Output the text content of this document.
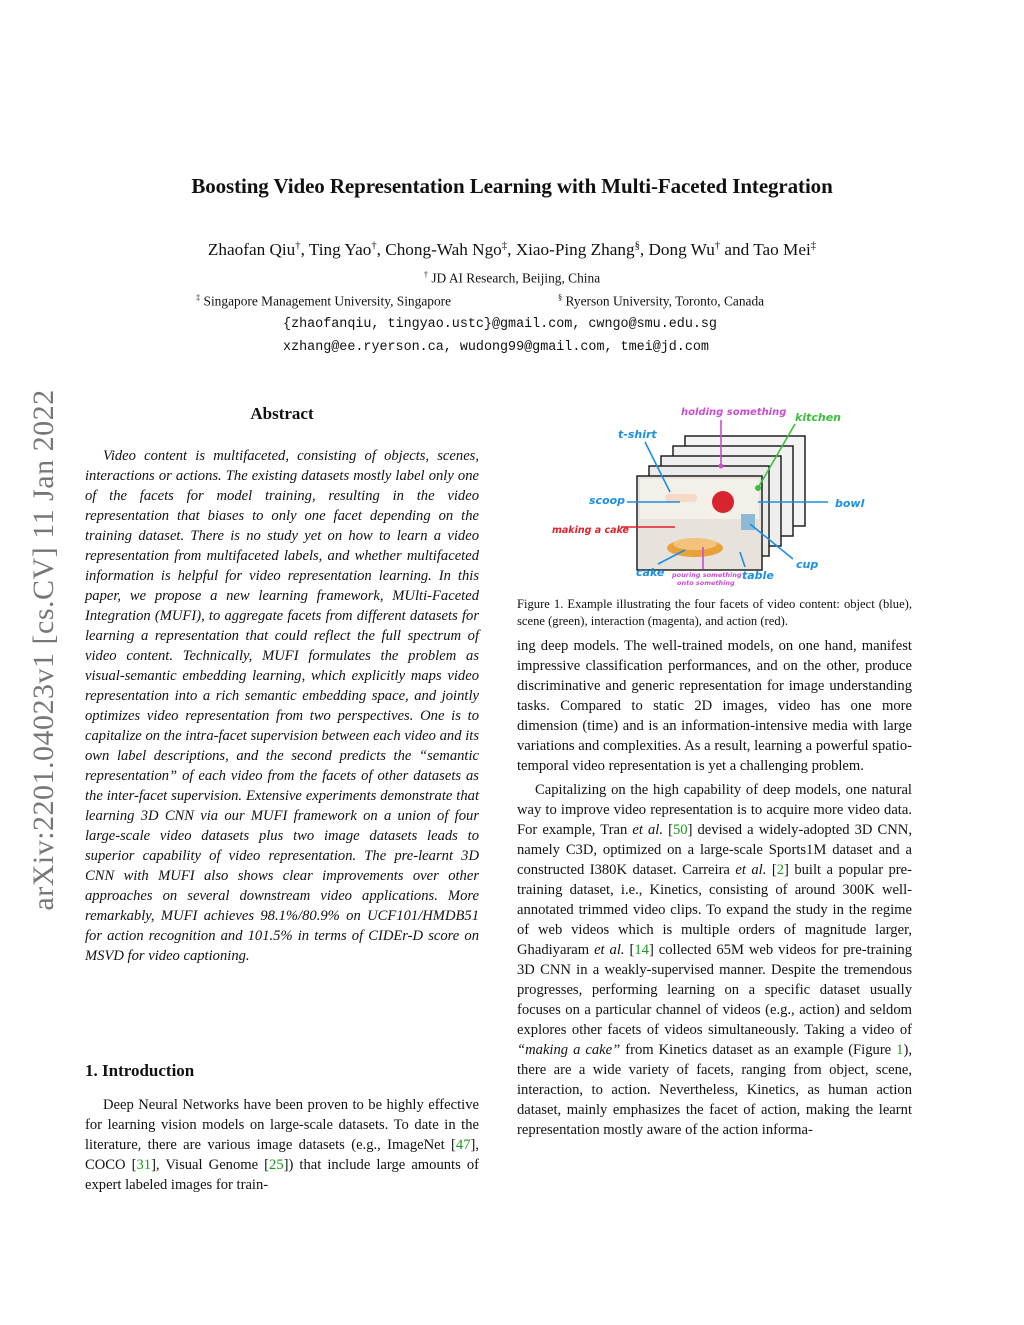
arXiv:2201.04023v1 [cs.CV] 11 Jan 2022
Boosting Video Representation Learning with Multi-Faceted Integration
Zhaofan Qiu†, Ting Yao†, Chong-Wah Ngo‡, Xiao-Ping Zhang§, Dong Wu† and Tao Mei‡
† JD AI Research, Beijing, China
‡ Singapore Management University, Singapore	§ Ryerson University, Toronto, Canada
{zhaofanqiu, tingyao.ustc}@gmail.com, cwngo@smu.edu.sg
xzhang@ee.ryerson.ca, wudong99@gmail.com, tmei@jd.com
Abstract

Video content is multifaceted, consisting of objects, scenes, interactions or actions. The existing datasets mostly label only one of the facets for model training, resulting in the video representation that biases to only one facet depending on the training dataset. There is no study yet on how to learn a video representation from multifaceted labels, and whether multifaceted information is helpful for video representation learning. In this paper, we propose a new learning framework, MUlti-Faceted Integration (MUFI), to aggregate facets from different datasets for learning a representation that could reflect the full spectrum of video content. Technically, MUFI formulates the problem as visual-semantic embedding learning, which explicitly maps video representation into a rich semantic embedding space, and jointly optimizes video representation from two perspectives. One is to capitalize on the intra-facet supervision between each video and its own label descriptions, and the second predicts the “semantic representation” of each video from the facets of other datasets as the inter-facet supervision. Extensive experiments demonstrate that learning 3D CNN via our MUFI framework on a union of four large-scale video datasets plus two image datasets leads to superior capability of video representation. The pre-learnt 3D CNN with MUFI also shows clear improvements over other approaches on several downstream video applications. More remarkably, MUFI achieves 98.1%/80.9% on UCF101/HMDB51 for action recognition and 101.5% in terms of CIDEr-D score on MSVD for video captioning.

1. Introduction

Deep Neural Networks have been proven to be highly effective for learning vision models on large-scale datasets. To date in the literature, there are various image datasets (e.g., ImageNet [47], COCO [31], Visual Genome [25]) that include large amounts of expert labeled images for train-

holding something kitchen
t-shirt
scoop	bowl
making a cake
cake pouring something
onto something
table
cup
Figure 1. Example illustrating the four facets of video content: object (blue), scene (green), interaction (magenta), and action (red).

ing deep models. The well-trained models, on one hand, manifest impressive classification performances, and on the other, produce discriminative and generic representation for image understanding tasks. Compared to static 2D images, video has one more dimension (time) and is an information-intensive media with large variations and complexities. As a result, learning a powerful spatio-temporal video representation is yet a challenging problem.

Capitalizing on the high capability of deep models, one natural way to improve video representation is to acquire more video data. For example, Tran et al. [50] devised a widely-adopted 3D CNN, namely C3D, optimized on a large-scale Sports1M dataset and a constructed I380K dataset. Carreira et al. [2] built a popular pre-training dataset, i.e., Kinetics, consisting of around 300K well-annotated trimmed video clips. To expand the study in the regime of web videos which is multiple orders of magnitude larger, Ghadiyaram et al. [14] collected 65M web videos for pre-training 3D CNN in a weakly-supervised manner. Despite the tremendous progresses, performing learning on a specific dataset usually focuses on a particular channel of videos (e.g., action) and seldom explores other facets of videos simultaneously. Taking a video of “making a cake” from Kinetics dataset as an example (Figure 1), there are a wide variety of facets, ranging from object, scene, interaction, to action. Nevertheless, Kinetics, as human action dataset, mainly emphasizes the facet of action, making the learnt representation mostly aware of the action informa-
